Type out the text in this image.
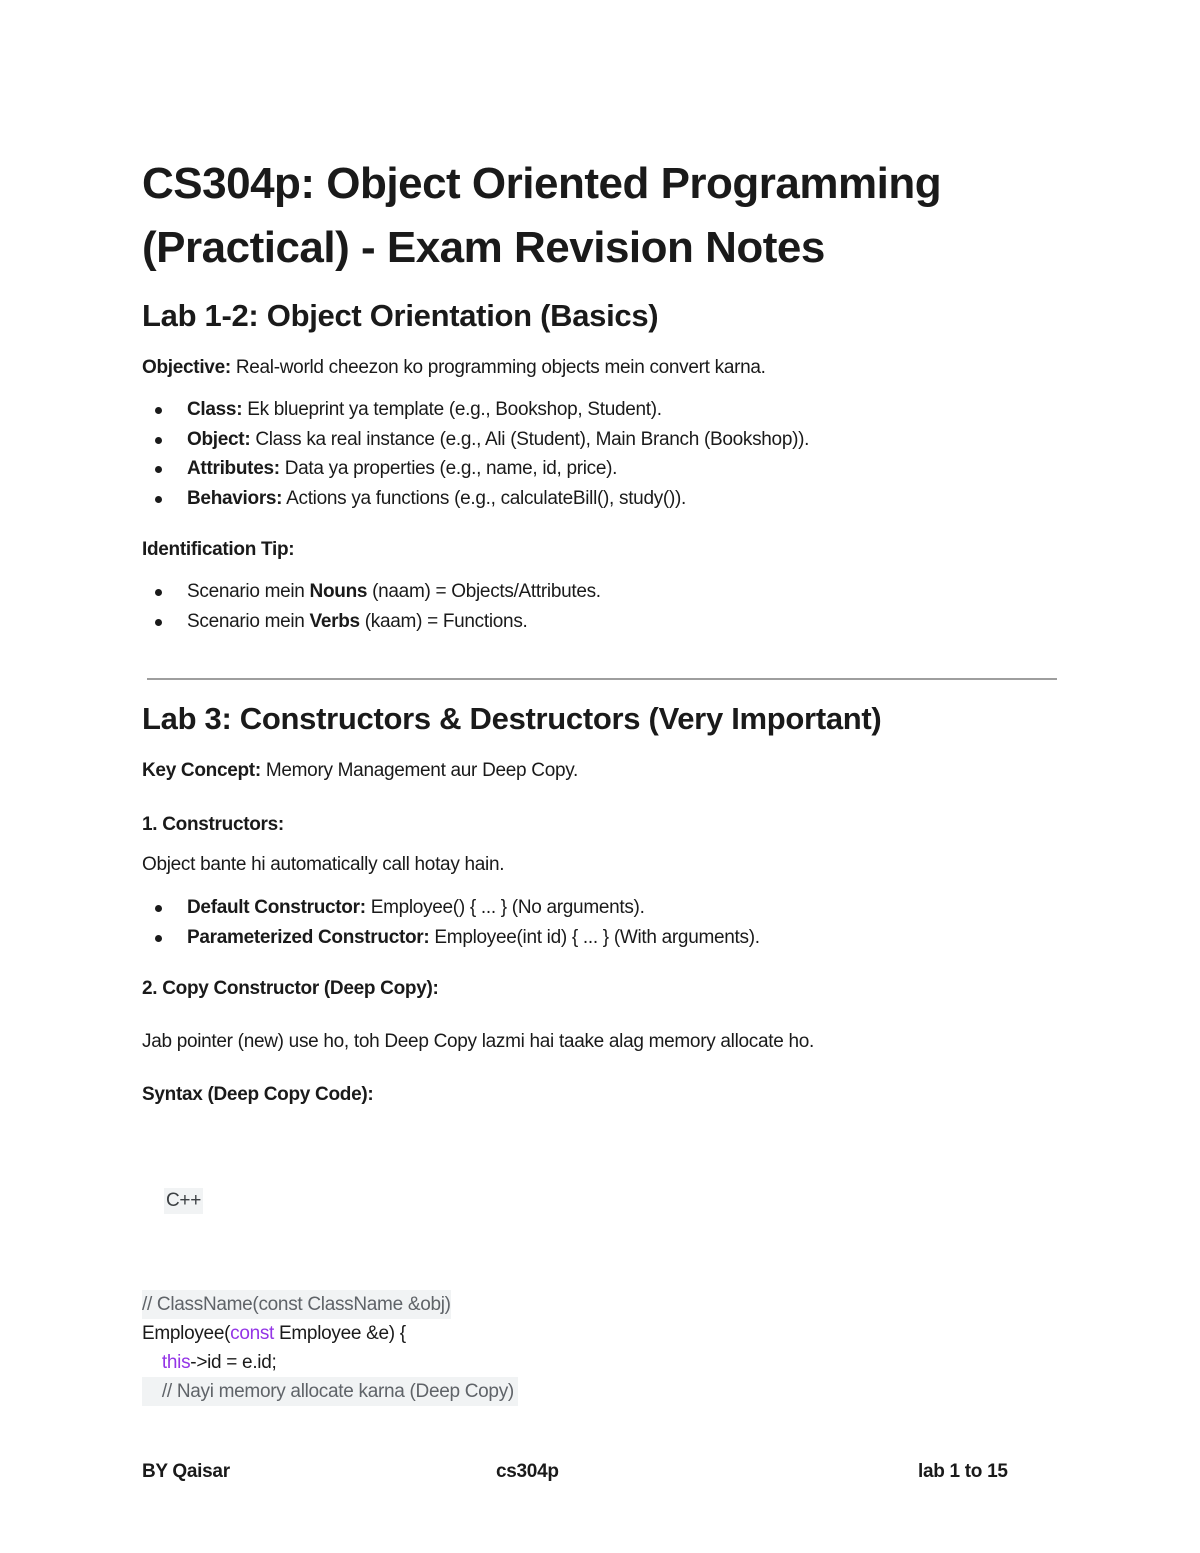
CS304p: Object Oriented Programming (Practical) - Exam Revision Notes
Lab 1-2: Object Orientation (Basics)

Objective: Real-world cheezon ko programming objects mein convert karna.

Class: Ek blueprint ya template (e.g., Bookshop, Student).
Object: Class ka real instance (e.g., Ali (Student), Main Branch (Bookshop)).
Attributes: Data ya properties (e.g., name, id, price).
Behaviors: Actions ya functions (e.g., calculateBill(), study()).

Identification Tip:

Scenario mein Nouns (naam) = Objects/Attributes.
Scenario mein Verbs (kaam) = Functions.
Lab 3: Constructors & Destructors (Very Important)

Key Concept: Memory Management aur Deep Copy.

1. Constructors:

Object bante hi automatically call hotay hain.

Default Constructor: Employee() { ... } (No arguments).
Parameterized Constructor: Employee(int id) { ... } (With arguments).

2. Copy Constructor (Deep Copy):

Jab pointer (new) use ho, toh Deep Copy lazmi hai taake alag memory allocate ho.

Syntax (Deep Copy Code):

C++
// ClassName(const ClassName &obj)
Employee(const Employee &e) {
this->id = e.id;
// Nayi memory allocate karna (Deep Copy)
BY Qaisar	cs304p	lab 1 to 15
